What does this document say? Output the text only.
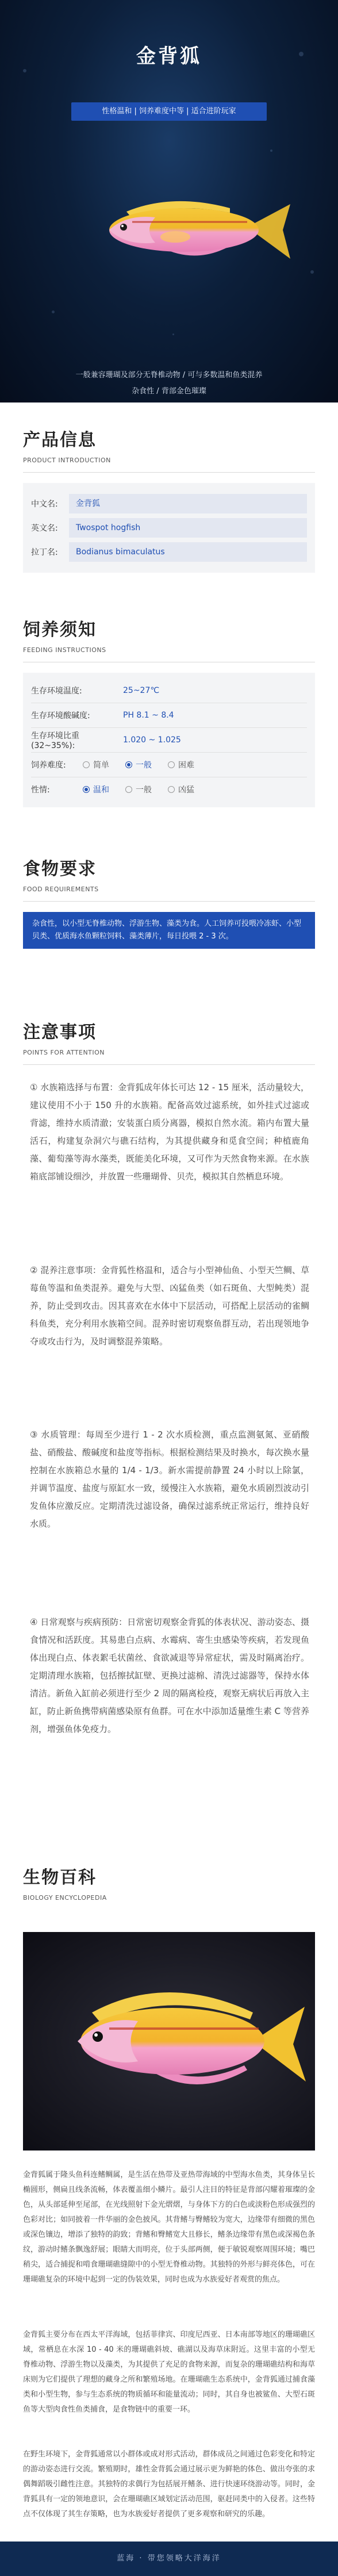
金背狐
性格温和 | 饲养难度中等 | 适合进阶玩家
一般兼容珊瑚及部分无脊椎动物 / 可与多数温和鱼类混养
杂食性 / 背部金色璀璨
产品信息
PRODUCT INTRODUCTION
中文名:	金背狐
英文名:	Twospot hogfish
拉丁名:	Bodianus bimaculatus
饲养须知
FEEDING INSTRUCTIONS
生存环境温度:	25~27℃
生存环境酸碱度:	PH 8.1 ~ 8.4
生存环境比重(32~35%):
1.020 ~ 1.025
饲养难度:	简单	一般	困难
性情:	温和	一般	凶猛
食物要求
FOOD REQUIREMENTS
杂食性，以小型无脊椎动物、浮游生物、藻类为食。人工饲养可投喂冷冻虾、小型贝类、优质海水鱼颗粒饲料、藻类薄片，每日投喂 2 - 3 次。
注意事项
POINTS FOR ATTENTION
① 水族箱选择与布置：金背狐成年体长可达 12 - 15 厘米，活动量较大，建议使用不小于 150 升的水族箱。配备高效过滤系统，如外挂式过滤或背滤，维持水质清澈；安装蛋白质分离器，模拟自然水流。箱内布置大量活石，构建复杂洞穴与礁石结构，为其提供藏身和觅食空间；种植鹿角藻、葡萄藻等海水藻类，既能美化环境，又可作为天然食物来源。在水族箱底部铺设细沙，并放置一些珊瑚骨、贝壳，模拟其自然栖息环境。
② 混养注意事项：金背狐性格温和，适合与小型神仙鱼、小型天竺鲷、草莓鱼等温和鱼类混养。避免与大型、凶猛鱼类（如石斑鱼、大型鲀类）混养，防止受到攻击。因其喜欢在水体中下层活动，可搭配上层活动的雀鲷科鱼类，充分利用水族箱空间。混养时密切观察鱼群互动，若出现领地争夺或攻击行为，及时调整混养策略。
③ 水质管理：每周至少进行 1 - 2 次水质检测，重点监测氨氮、亚硝酸盐、硝酸盐、酸碱度和盐度等指标。根据检测结果及时换水，每次换水量控制在水族箱总水量的 1/4 - 1/3。新水需提前静置 24 小时以上除氯，并调节温度、盐度与原缸水一致，缓慢注入水族箱，避免水质剧烈波动引发鱼体应激反应。定期清洗过滤设备，确保过滤系统正常运行，维持良好水质。
④ 日常观察与疾病预防：日常密切观察金背狐的体表状况、游动姿态、摄食情况和活跃度。其易患白点病、水霉病、寄生虫感染等疾病，若发现鱼体出现白点、体表絮毛状菌丝、食欲减退等异常症状，需及时隔离治疗。定期清理水族箱，包括擦拭缸壁、更换过滤棉、清洗过滤器等，保持水体清洁。新鱼入缸前必须进行至少 2 周的隔离检疫，观察无病状后再放入主缸，防止新鱼携带病菌感染原有鱼群。可在水中添加适量维生素 C 等营养剂，增强鱼体免疫力。
生物百科
BIOLOGY ENCYCLOPEDIA
金背狐属于隆头鱼科连鳍鲷属，是生活在热带及亚热带海域的中型海水鱼类，其身体呈长椭圆形，侧扁且线条流畅，体表覆盖细小鳞片。最引人注目的特征是背部闪耀着璀璨的金色，从头部延伸至尾部，在光线照射下金光熠熠，与身体下方的白色或淡粉色形成强烈的色彩对比；如同披着一件华丽的金色披风。其背鳍与臀鳍较为宽大，边缘带有细微的黑色或深色镶边，增添了独特的韵致；背鳍和臀鳍宽大且修长，鳍条边缘带有黑色或深褐色条纹，游动时鳍条飘逸舒展；眼睛大而明亮，位于头部两侧，便于敏锐观察周围环境；嘴巴稍尖，适合捕捉和啃食珊瑚礁缝隙中的小型无脊椎动物。其独特的外形与鲜亮体色，可在珊瑚礁复杂的环境中起到一定的伪装效果，同时也成为水族爱好者观赏的焦点。
金背狐主要分布在西太平洋海域，包括菲律宾、印度尼西亚、日本南部等地区的珊瑚礁区域，常栖息在水深 10 - 40 米的珊瑚礁斜坡、礁湖以及海草床附近。这里丰富的小型无脊椎动物、浮游生物以及藻类，为其提供了充足的食物来源，而复杂的珊瑚礁结构和海草床则为它们提供了理想的藏身之所和繁殖场地。在珊瑚礁生态系统中，金背狐通过捕食藻类和小型生物，参与生态系统的物质循环和能量流动；同时，其自身也被鲨鱼、大型石斑鱼等大型肉食性鱼类捕食，是食物链中的重要一环。
在野生环境下，金背狐通常以小群体或成对形式活动，群体成员之间通过色彩变化和特定的游动姿态进行交流。繁殖期时，雄性金背狐会通过展示更为鲜艳的体色、做出夸张的求偶舞蹈吸引雌性注意。其独特的求偶行为包括展开鳍条、进行快速环绕游动等。同时，金背狐具有一定的领地意识，会在珊瑚礁区域划定活动范围，驱赶同类中的入侵者。这些特点不仅体现了其生存策略，也为水族爱好者提供了更多观察和研究的乐趣。
蓝海 · 带您领略大洋海洋
